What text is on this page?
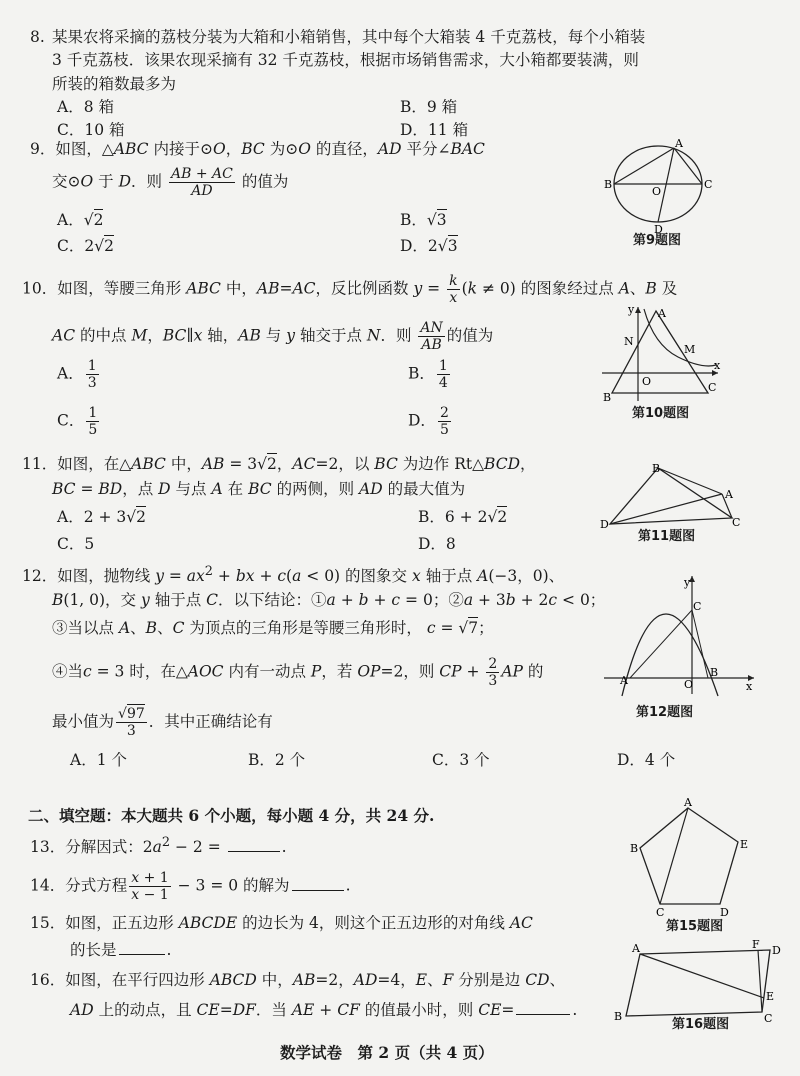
8. 某果农将采摘的荔枝分装为大箱和小箱销售，其中每个大箱装 4 千克荔枝，每个小箱装
3 千克荔枝．该果农现采摘有 32 千克荔枝，根据市场销售需求，大小箱都要装满，则
所装的箱数最多为
A．8 箱	B．9 箱
C．10 箱	D．11 箱
9．如图，△ABC 内接于⊙O，BC 为⊙O 的直径，AD 平分∠BAC
交⊙O 于 D．则 $\frac{AB + AC}{AD}$ 的值为
A．√2	B．√3
C．2√2	D．2√3
A
B	C
O
D
第9题图
10．如图，等腰三角形 ABC 中，AB=AC，反比例函数 $y = \frac{k}{x} (k \ne 0)$ 的图象经过点 A、B 及
AC 的中点 M，BC∥x 轴，AB 与 y 轴交于点 N．则 $\frac{AN}{AB}$ 的值为
A． $\frac{1}{3}$	B． $\frac{1}{4}$
C． $\frac{1}{5}$	D． $\frac{2}{5}$
A
B
C
N
M
y
O
x
第10题图
11．如图，在△ABC 中，AB = 3√2，AC=2，以 BC 为边作 Rt△BCD，
BC = BD，点 D 与点 A 在 BC 的两侧，则 AD 的最大值为
A．2 + 3√2	B．6 + 2√2
C．5	D．8
B
A
D	C
第11题图
12．如图，抛物线 $y = ax^2$ + bx + c(a < 0) 的图象交 x 轴于点 A(−3，0)、
B(1, 0)，交 y 轴于点 C．以下结论：①a + b + c = 0；②a + 3b + 2c < 0；
③当以点 A、B、C 为顶点的三角形是等腰三角形时， c = √7；
④当c = 3 时，在△AOC 内有一动点 P，若 OP=2，则 CP + $\frac{2}{3}$ AP 的
最小值为 $\frac{√97}{3}$ ．其中正确结论有
A．1 个	B．2 个	C．3 个	D．4 个
A
B
C
y
O	x
第12题图
二、填空题：本大题共 6 个小题，每小题 4 分，共 24 分.
13．分解因式：$2a^2 - 2$ =	.
14．分式方程 $\frac{x + 1}{x - 1} - 3 = 0$ 的解为	.
15．如图，正五边形 ABCDE 的边长为 4，则这个正五边形的对角线 AC
的长是	.
A
B	E
C	D
第15题图
16．如图，在平行四边形 ABCD 中，AB=2，AD=4，E、F 分别是边 CD、
AD 上的动点，且 CE=DF．当 AE + CF 的值最小时，则 CE=	.
A	F D
E
B	C
第16题图
数学试卷　第 2 页（共 4 页）
